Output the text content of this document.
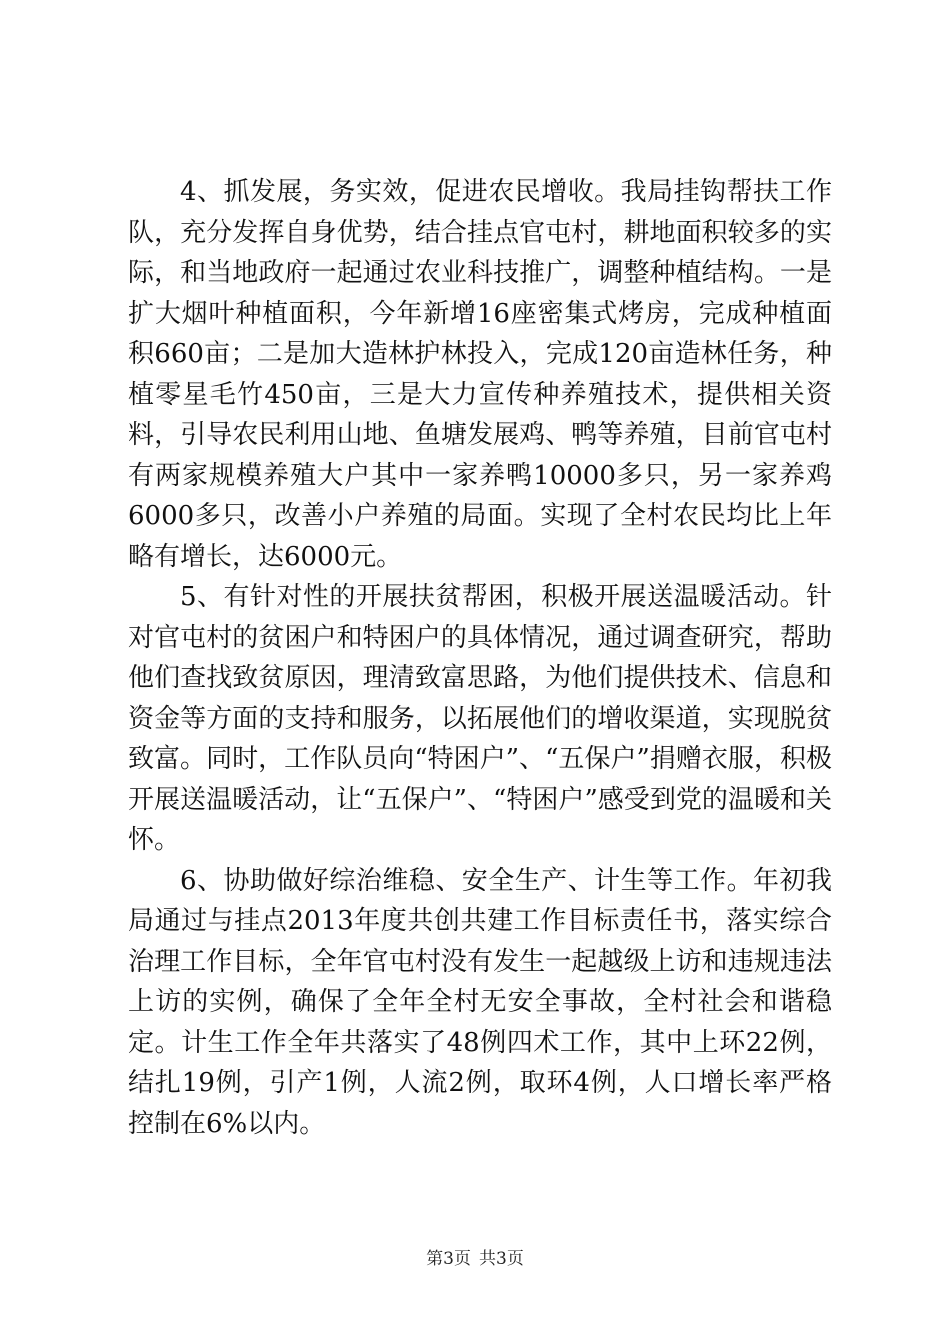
4、抓发展，务实效，促进农民增收。我局挂钩帮扶工作队，充分发挥自身优势，结合挂点官屯村，耕地面积较多的实际，和当地政府一起通过农业科技推广，调整种植结构。一是扩大烟叶种植面积，今年新增16座密集式烤房，完成种植面积660亩；二是加大造林护林投入，完成120亩造林任务，种植零星毛竹450亩，三是大力宣传种养殖技术，提供相关资料，引导农民利用山地、鱼塘发展鸡、鸭等养殖，目前官屯村有两家规模养殖大户其中一家养鸭10000多只，另一家养鸡6000多只，改善小户养殖的局面。实现了全村农民均比上年略有增长，达6000元。

5、有针对性的开展扶贫帮困，积极开展送温暖活动。针对官屯村的贫困户和特困户的具体情况，通过调查研究，帮助他们查找致贫原因，理清致富思路，为他们提供技术、信息和资金等方面的支持和服务，以拓展他们的增收渠道，实现脱贫致富。同时，工作队员向“特困户”、“五保户”捐赠衣服，积极开展送温暖活动，让“五保户”、“特困户”感受到党的温暖和关怀。

6、协助做好综治维稳、安全生产、计生等工作。年初我局通过与挂点2013年度共创共建工作目标责任书，落实综合治理工作目标，全年官屯村没有发生一起越级上访和违规违法上访的实例，确保了全年全村无安全事故，全村社会和谐稳定。计生工作全年共落实了48例四术工作，其中上环22例，结扎19例，引产1例，人流2例，取环4例，人口增长率严格控制在6%以内。

第3页 共3页
